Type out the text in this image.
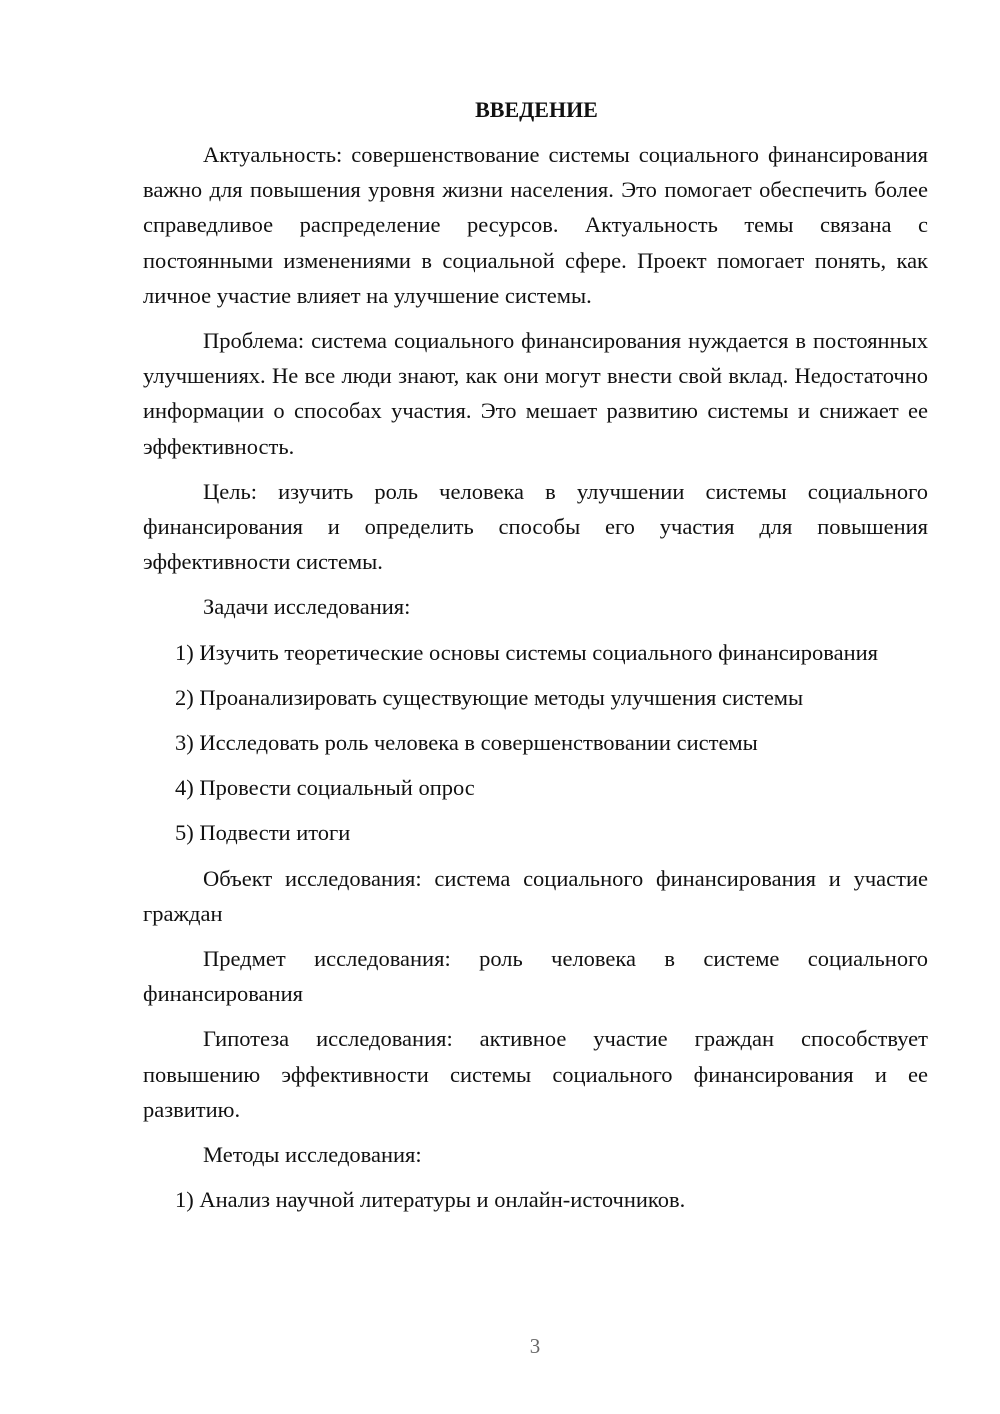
ВВЕДЕНИЕ

Актуальность: совершенствование системы социального финансирования важно для повышения уровня жизни населения. Это помогает обеспечить более справедливое распределение ресурсов. Актуальность темы связана с постоянными изменениями в социальной сфере. Проект помогает понять, как личное участие влияет на улучшение системы.

Проблема: система социального финансирования нуждается в постоянных улучшениях. Не все люди знают, как они могут внести свой вклад. Недостаточно информации о способах участия. Это мешает развитию системы и снижает ее эффективность.

Цель: изучить роль человека в улучшении системы социального финансирования и определить способы его участия для повышения эффективности системы.

Задачи исследования:

1) Изучить теоретические основы системы социального финансирования

2) Проанализировать существующие методы улучшения системы

3) Исследовать роль человека в совершенствовании системы

4) Провести социальный опрос

5) Подвести итоги

Объект исследования: система социального финансирования и участие граждан

Предмет исследования: роль человека в системе социального финансирования

Гипотеза исследования: активное участие граждан способствует повышению эффективности системы социального финансирования и ее развитию.

Методы исследования:

1) Анализ научной литературы и онлайн-источников.

3
